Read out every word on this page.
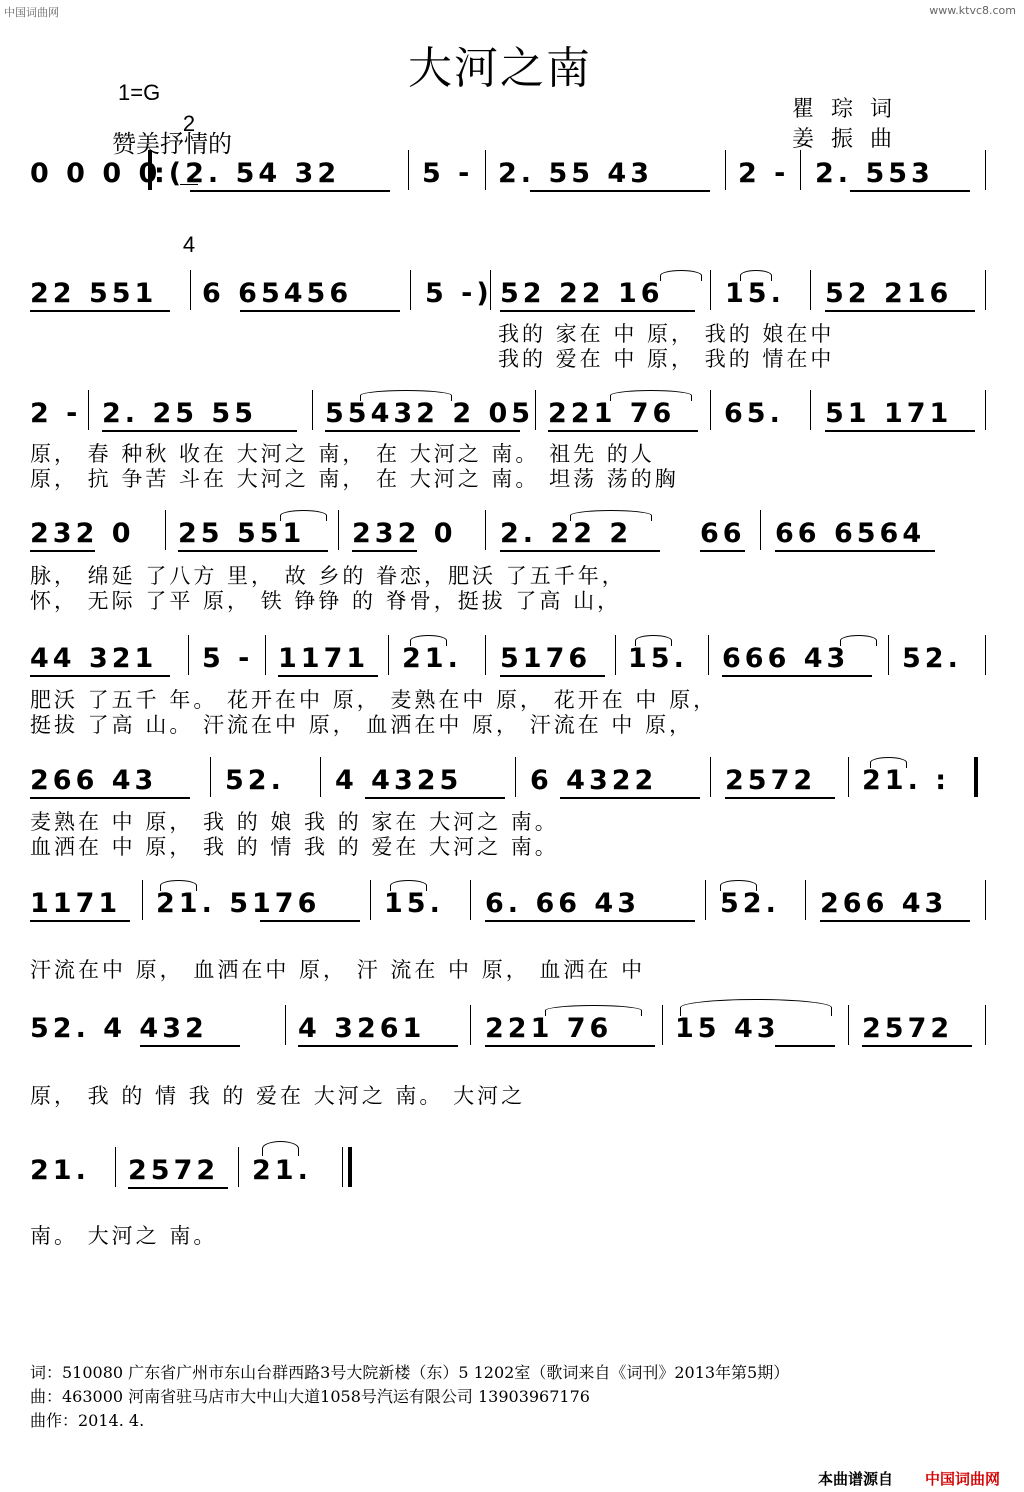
中国词曲网	www.ktvc8.com
大河之南
1=G

2

4

赞美抒情的
瞿琮词
姜振曲

0 0 0 0

:(2. 54 32

	5 -

2. 55 43

	2 -

2. 553

22 551

6 65456

	5 -)

52 22 16

15.

52 216

我的 家在 中 原， 我的 娘在中
我的 爱在 中 原， 我的 情在中

2 -

2. 25 55

	55432 2 05

221 76

65.

51 171

原， 春 种秋 收在 大河之 南， 在 大河之 南。 祖先 的人
原， 抗 争苦 斗在 大河之 南， 在 大河之 南。 坦荡 荡的胸

232 0

25 551

232 0

2. 22 2

	66

66 6564

脉， 绵延 了八方 里， 故 乡的 眷恋，肥沃 了五千年，
怀， 无际 了平 原， 铁 铮铮 的 脊骨，挺拔 了高 山，

44 321

5 -

1171

21.

5176

15.

666 43

52.

肥沃 了五千 年。 花开在中 原， 麦熟在中 原， 花开在 中 原，
挺拔 了高 山。 汗流在中 原， 血洒在中 原， 汗流在 中 原，

266 43

	52.

4 4325

	6 4322

	2572

21. :

麦熟在 中 原， 我 的 娘 我 的 家在 大河之 南。
血洒在 中 原， 我 的 情 我 的 爱在 大河之 南。

1171

21. 5176

15.

6. 66 43

	52.

266 43

汗流在中 原， 血洒在中 原， 汗 流在 中 原， 血洒在 中

52. 4 432

	4 3261

221 76

15 43

	2572

原， 我 的 情 我 的 爱在 大河之 南。 大河之

21.

2572

21.

南。 大河之 南。
词：510080 广东省广州市东山台群西路3号大院新楼（东）5 1202室（歌词来自《词刊》2013年第5期）
曲：463000 河南省驻马店市大中山大道1058号汽运有限公司 13903967176
曲作：2014. 4.
本曲谱源自 中国词曲网
